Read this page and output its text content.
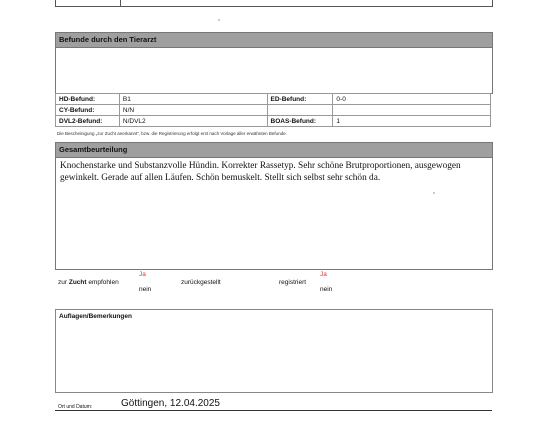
Befunde durch den Tierarzt
HD-Befund:	B1	ED-Befund:	0-0
CY-Befund:	N/N		
DVL2-Befund:	N/DVL2	BOAS-Befund:	1
Die Bescheinigung „zur Zucht anerkannt“, bzw. die Registrierung erfolgt erst nach Vorlage aller erwähnten Befunde.
Gesamtbeurteilung
Knochenstarke und Substanzvolle Hündin. Korrekter Rassetyp. Sehr schöne Brutproportionen, ausgewogen gewinkelt. Gerade auf allen Läufen. Schön bemuskelt. Stellt sich selbst sehr schön da.
zur Zucht empfohlen
Ja
nein
zurückgestellt	registriert
Ja
nein
Auflagen/Bemerkungen
Ort und Datum:	Göttingen, 12.04.2025
